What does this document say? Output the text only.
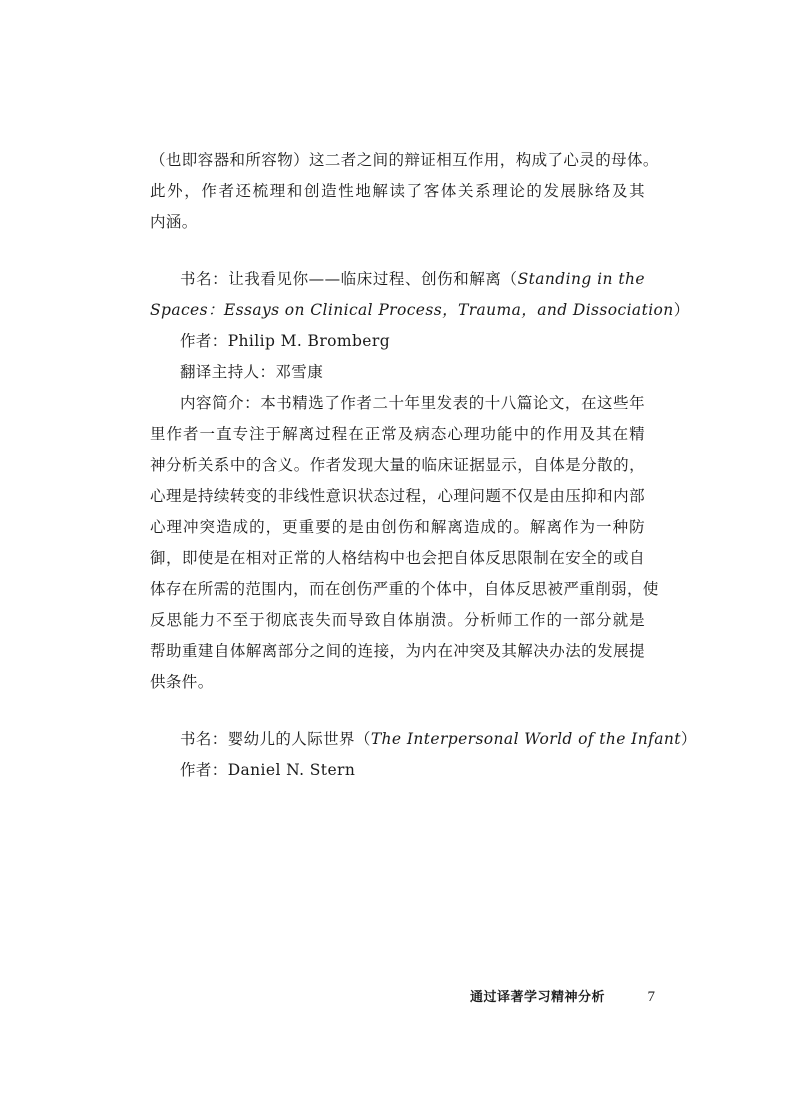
（也即容器和所容物）这二者之间的辩证相互作用，构成了心灵的母体。
此外，作者还梳理和创造性地解读了客体关系理论的发展脉络及其
内涵。
书名：让我看见你——临床过程、创伤和解离（Standing in the
Spaces：Essays on Clinical Process，Trauma，and Dissociation）
作者：Philip M. Bromberg
翻译主持人：邓雪康
内容简介：本书精选了作者二十年里发表的十八篇论文，在这些年
里作者一直专注于解离过程在正常及病态心理功能中的作用及其在精
神分析关系中的含义。作者发现大量的临床证据显示，自体是分散的，
心理是持续转变的非线性意识状态过程，心理问题不仅是由压抑和内部
心理冲突造成的，更重要的是由创伤和解离造成的。解离作为一种防
御，即使是在相对正常的人格结构中也会把自体反思限制在安全的或自
体存在所需的范围内，而在创伤严重的个体中，自体反思被严重削弱，使
反思能力不至于彻底丧失而导致自体崩溃。分析师工作的一部分就是
帮助重建自体解离部分之间的连接，为内在冲突及其解决办法的发展提
供条件。
书名：婴幼儿的人际世界（The Interpersonal World of the Infant）
作者：Daniel N. Stern
通过译著学习精神分析	7
